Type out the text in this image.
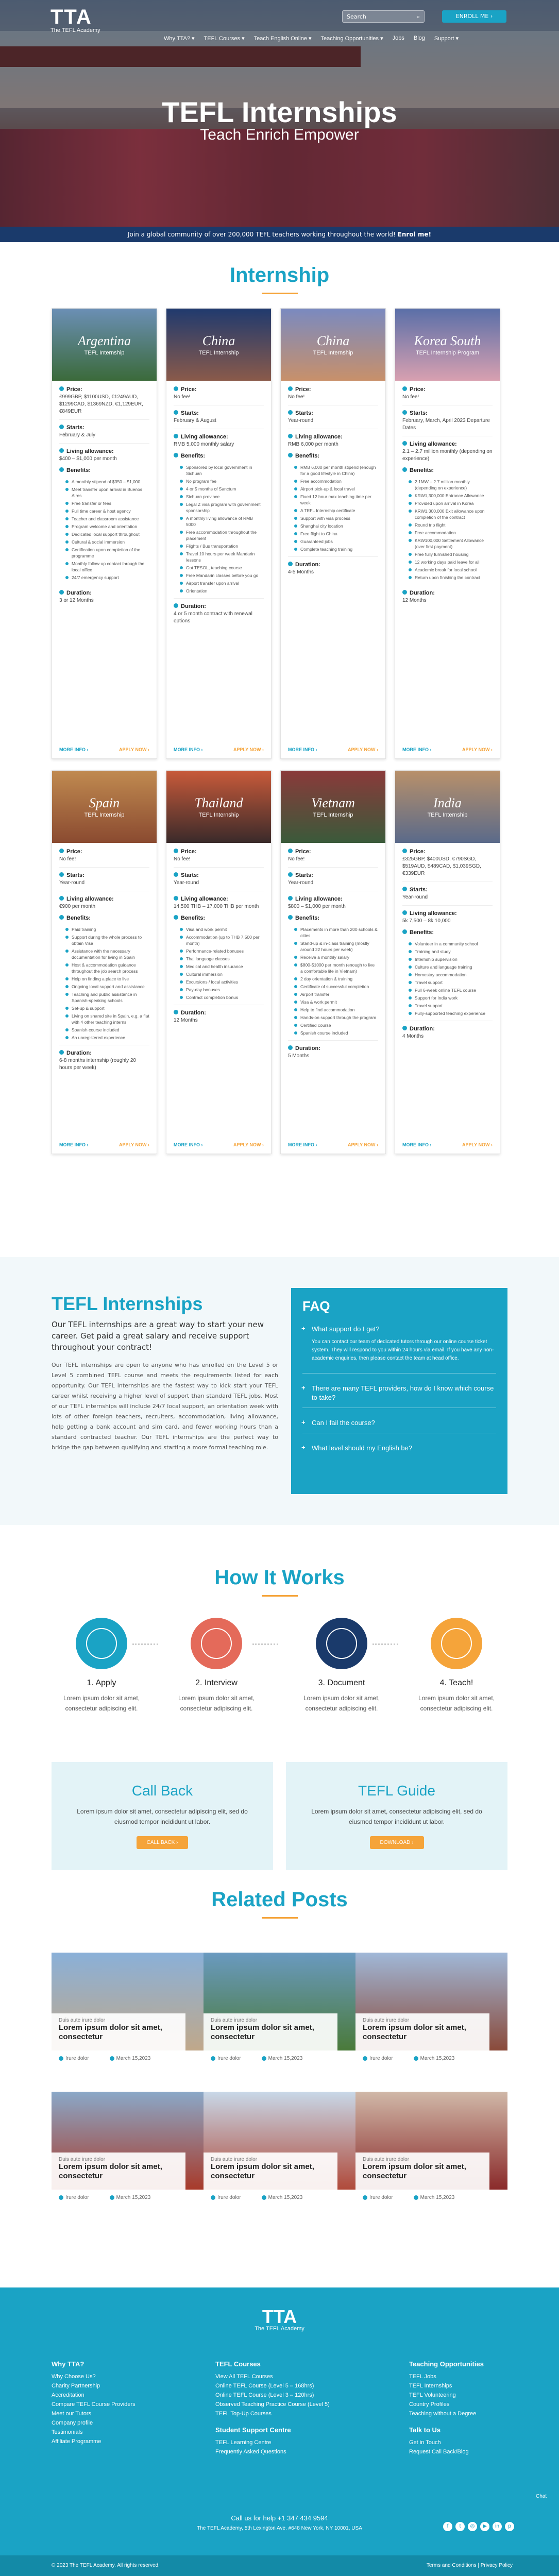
TTA
The TEFL Academy
Search	⌕	ENROLL ME ›
Why TTA? ▾ TEFL Courses ▾ Teach English Online ▾ Teaching Opportunities ▾ Jobs Blog Support ▾
TEFL Internships
Teach Enrich Empower
Join a global community of over 200,000 TEFL teachers working throughout the world! Enrol me!
Internship
Argentina
TEFL Internship
Price:
£999GBP, $1100USD, €1249AUD, $1299CAD, $1369NZD, €1,129EUR, €849EUR
Starts:
February & July
Living allowance:
$400 – $1,000 per month
Benefits:
A monthly stipend of $350 – $1,000
Meet transfer upon arrival in Buenos Aires
Free transfer or fees
Full time career & host agency
Teacher and classroom assistance
Program welcome and orientation
Dedicated local support throughout
Cultural & social immersion
Certification upon completion of the programme
Monthly follow-up contact through the local office
24/7 emergency support
Duration:
3 or 12 Months
MORE INFO ›	APPLY NOW ›
China
TEFL Internship
Price:
No fee!
Starts:
February & August
Living allowance:
RMB 5,000 monthly salary
Benefits:
Sponsored by local government in Sichuan
No program fee
4 or 5 months of Sanctum
Sichuan province
Legal Z visa program with government sponsorship
A monthly living allowance of RMB 5000
Free accommodation throughout the placement
Flights / Bus transportation
Travel 10 hours per week Mandarin lessons
Got TESOL, teaching course
Free Mandarin classes before you go
Airport transfer upon arrival
Orientation
Duration:
4 or 5 month contract with renewal options
MORE INFO ›	APPLY NOW ›
China
TEFL Internship
Price:
No fee!
Starts:
Year-round
Living allowance:
RMB 6,000 per month
Benefits:
RMB 6,000 per month stipend (enough for a good lifestyle in China)
Free accommodation
Airport pick-up & local travel
Fixed 12 hour max teaching time per week
A TEFL Internship certificate
Support with visa process
Shanghai city location
Free flight to China
Guaranteed jobs
Complete teaching training
Duration:
4-5 Months
MORE INFO ›	APPLY NOW ›
Korea South
TEFL Internship Program
Price:
No fee!
Starts:
February, March, April 2023 Departure Dates
Living allowance:
2.1 – 2.7 million monthly (depending on experience)
Benefits:
2.1MW – 2.7 million monthly (depending on experience)
KRW1,300,000 Entrance Allowance
Provided upon arrival in Korea
KRW1,300,000 Exit allowance upon completion of the contract
Round trip flight
Free accommodation
KRW100,000 Settlement Allowance (over first payment)
Free fully furnished housing
12 working days paid leave for all
Academic break for local school
Return upon finishing the contract
Duration:
12 Months
MORE INFO ›	APPLY NOW ›
Spain
TEFL Internship
Price:
No fee!
Starts:
Year-round
Living allowance:
€900 per month
Benefits:
Paid training
Support during the whole process to obtain Visa
Assistance with the necessary documentation for living in Spain
Host & accommodation guidance throughout the job search process
Help on finding a place to live
Ongoing local support and assistance
Teaching and public assistance in Spanish-speaking schools
Set-up & support
Living on shared site in Spain, e.g. a flat with 4 other teaching interns
Spanish course included
An unregistered experience
Duration:
6-8 months internship (roughly 20 hours per week)
MORE INFO ›	APPLY NOW ›
Thailand
TEFL Internship
Price:
No fee!
Starts:
Year-round
Living allowance:
14,500 THB – 17,000 THB per month
Benefits:
Visa and work permit
Accommodation (up to THB 7,500 per month)
Performance-related bonuses
Thai language classes
Medical and health insurance
Cultural immersion
Excursions / local activities
Pay-day bonuses
Contract completion bonus
Duration:
12 Months
MORE INFO ›	APPLY NOW ›
Vietnam
TEFL Internship
Price:
No fee!
Starts:
Year-round
Living allowance:
$800 – $1,000 per month
Benefits:
Placements in more than 200 schools & cities
Stand-up & in-class training (mostly around 22 hours per week)
Receive a monthly salary
$800-$1000 per month (enough to live a comfortable life in Vietnam)
2 day orientation & training
Certificate of successful completion
Airport transfer
Visa & work permit
Help to find accommodation
Hands-on support through the program
Certified course
Spanish course included
Duration:
5 Months
MORE INFO ›	APPLY NOW ›
India
TEFL Internship
Price:
£325GBP, $400USD, €790SGD, $519AUD, $489CAD, $1,039SGD, €339EUR
Starts:
Year-round
Living allowance:
5k 7,500 – 8k 10,000
Benefits:
Volunteer in a community school
Training and study
Internship supervision
Culture and language training
Homestay accommodation
Travel support
Full 6-week online TEFL course
Support for India work
Travel support
Fully-supported teaching experience
Duration:
4 Months
MORE INFO ›	APPLY NOW ›
TEFL Internships
Our TEFL internships are a great way to start your new career. Get paid a great salary and receive support throughout your contract!
Our TEFL internships are open to anyone who has enrolled on the Level 5 or Level 5 combined TEFL course and meets the requirements listed for each opportunity. Our TEFL internships are the fastest way to kick start your TEFL career whilst receiving a higher level of support than standard TEFL jobs. Most of our TEFL internships will include 24/7 local support, an orientation week with lots of other foreign teachers, recruiters, accommodation, living allowance, help getting a bank account and sim card, and fewer working hours than a standard contracted teacher. Our TEFL internships are the perfect way to bridge the gap between qualifying and starting a more formal teaching role.
FAQ
+ What support do I get?
You can contact our team of dedicated tutors through our online course ticket system. They will respond to you within 24 hours via email. If you have any non-academic enquiries, then please contact the team at head office.
+ There are many TEFL providers, how do I know which course to take?
+ Can I fail the course?
+ What level should my English be?
How It Works
1. Apply
Lorem ipsum dolor sit amet, consectetur adipiscing elit.
2. Interview
Lorem ipsum dolor sit amet, consectetur adipiscing elit.
3. Document
Lorem ipsum dolor sit amet, consectetur adipiscing elit.
4. Teach!
Lorem ipsum dolor sit amet, consectetur adipiscing elit.
Call Back

Lorem ipsum dolor sit amet, consectetur adipiscing elit, sed do eiusmod tempor incididunt ut labor.

CALL BACK ›
TEFL Guide

Lorem ipsum dolor sit amet, consectetur adipiscing elit, sed do eiusmod tempor incididunt ut labor.

DOWNLOAD ›
Related Posts
Duis aute irure dolor
Lorem ipsum dolor sit amet, consectetur
Irure dolor	March 15,2023
Duis aute irure dolor
Lorem ipsum dolor sit amet, consectetur
Irure dolor	March 15,2023
Duis aute irure dolor
Lorem ipsum dolor sit amet, consectetur
Irure dolor	March 15,2023
Duis aute irure dolor
Lorem ipsum dolor sit amet, consectetur
Irure dolor	March 15,2023
Duis aute irure dolor
Lorem ipsum dolor sit amet, consectetur
Irure dolor	March 15,2023
Duis aute irure dolor
Lorem ipsum dolor sit amet, consectetur
Irure dolor	March 15,2023
TTA
The TEFL Academy
Why TTA?
Why Choose Us?
Charity Partnership
Accreditation
Compare TEFL Course Providers
Meet our Tutors
Company profile
Testimonials
Affiliate Programme
TEFL Courses
View All TEFL Courses
Online TEFL Course (Level 5 – 168hrs)
Online TEFL Course (Level 3 – 120hrs)
Observed Teaching Practice Course (Level 5)
TEFL Top-Up Courses
Student Support Centre
TEFL Learning Centre
Frequently Asked Questions
Teaching Opportunities
TEFL Jobs
TEFL Internships
TEFL Volunteering
Country Profiles
Teaching without a Degree
Talk to Us
Get in Touch
Request Call Back/Blog
Call us for help +1 347 434 9594
The TEFL Academy, 5th Lexington Ave. #648 New York, NY 10001, USA	f	t	◎	▶	in	p
Chat
© 2023 The TEFL Academy. All rights reserved.	Terms and Conditions | Privacy Policy
